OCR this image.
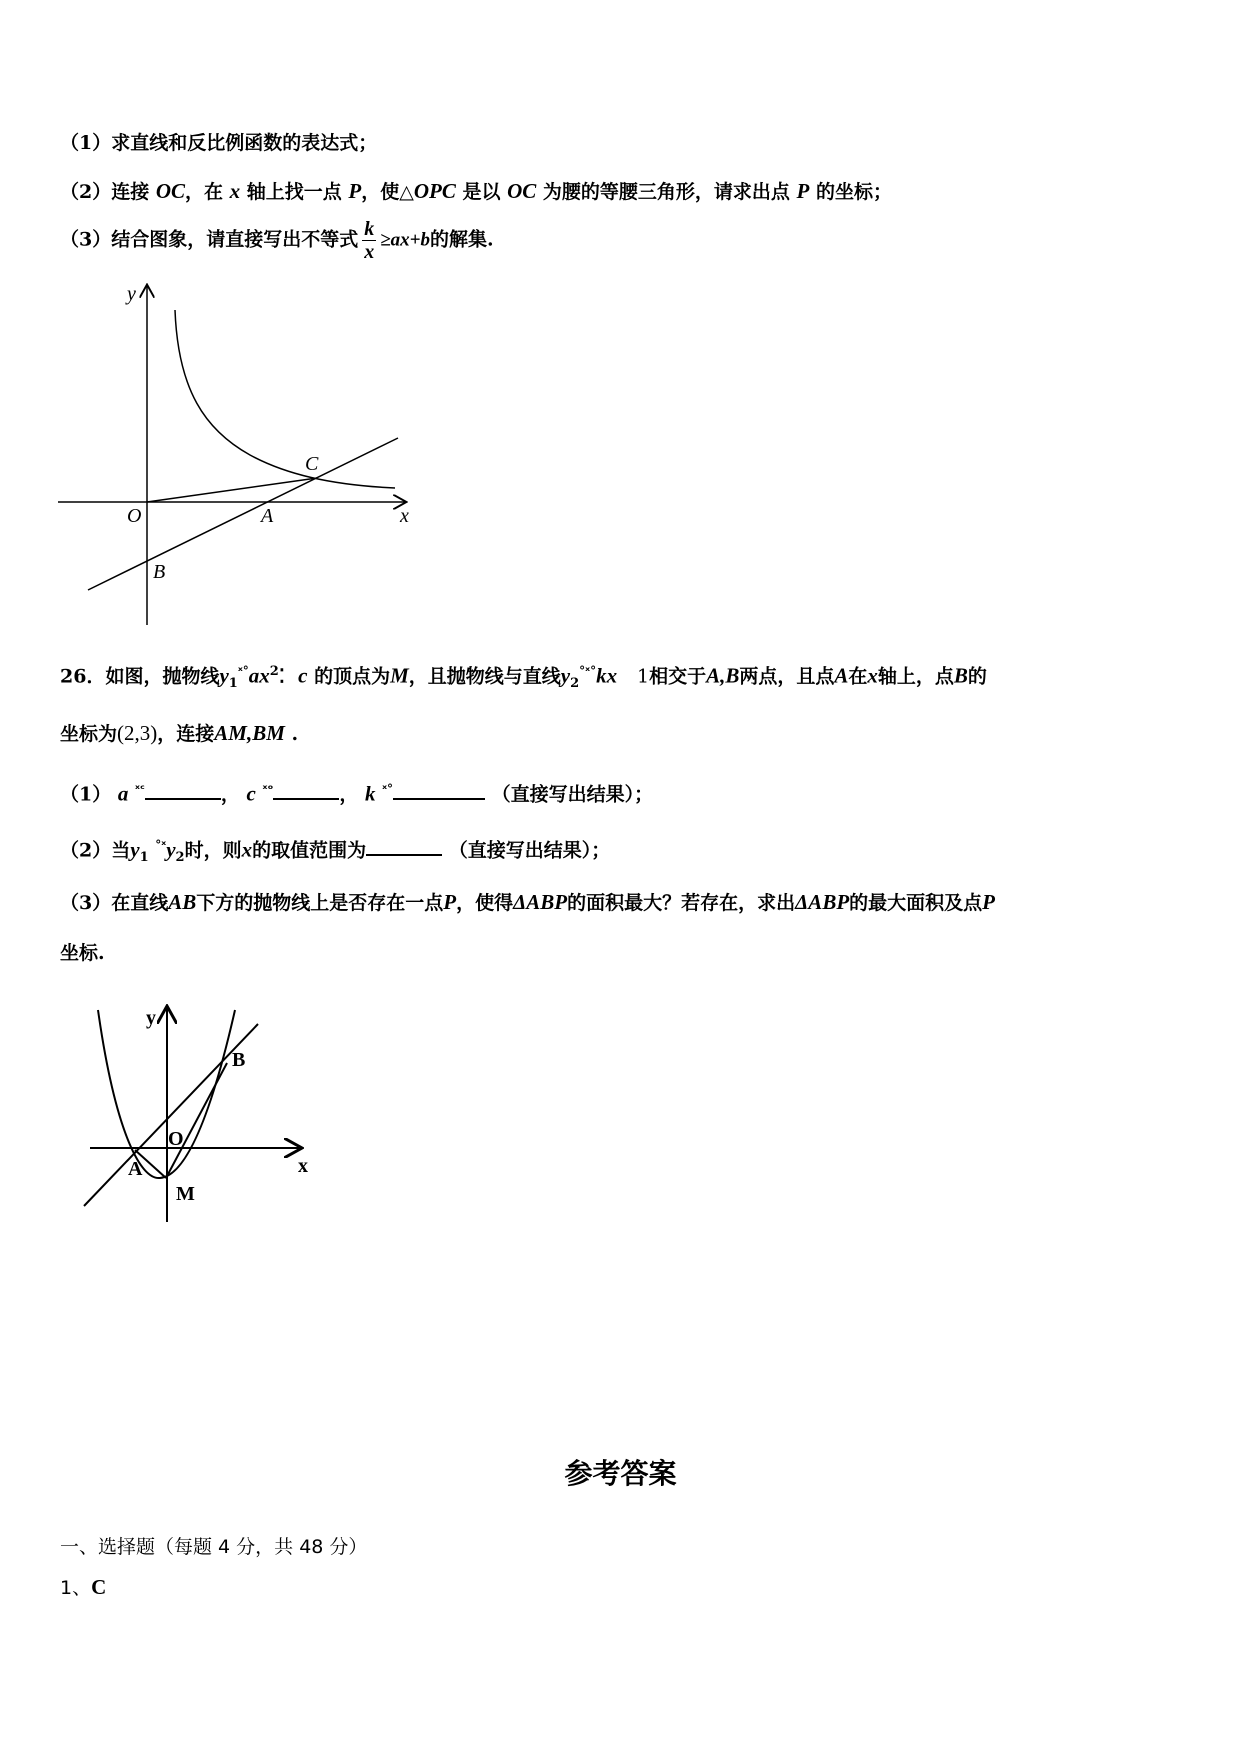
（1）求直线和反比例函数的表达式；
（2）连接 OC，在 x 轴上找一点 P，使△OPC 是以 OC 为腰的等腰三角形，请求出点 P 的坐标；
（3）结合图象，请直接写出不等式 $\frac{k}{x} \ge ax+b$的解集.
y
x
O	A
B
C
26．如图，抛物线$y_1^{ˣ^\circ}ax^2⁚$ c 的顶点为M，且抛物线与直线$y_2^{^\circ ˣ^\circ}kx$ 1相交于A,B两点，且点A在x轴上，点B的
坐标为(2,3)，连接AM,BM .
（1） a $^{ˣᶜ}$	， c $^{ˣᵒ}$	， k $^{ˣ^\circ}$	（直接写出结果）；
（2）当$y_1$ $^{^\circ ˣ}y_2$时，则x的取值范围为	（直接写出结果）；
（3）在直线AB下方的抛物线上是否存在一点P，使得ΔABP的面积最大？若存在，求出ΔABP的最大面积及点P
坐标.
y
x
O
A
B
M
参考答案
一、选择题（每题 4 分，共 48 分）
1、C
